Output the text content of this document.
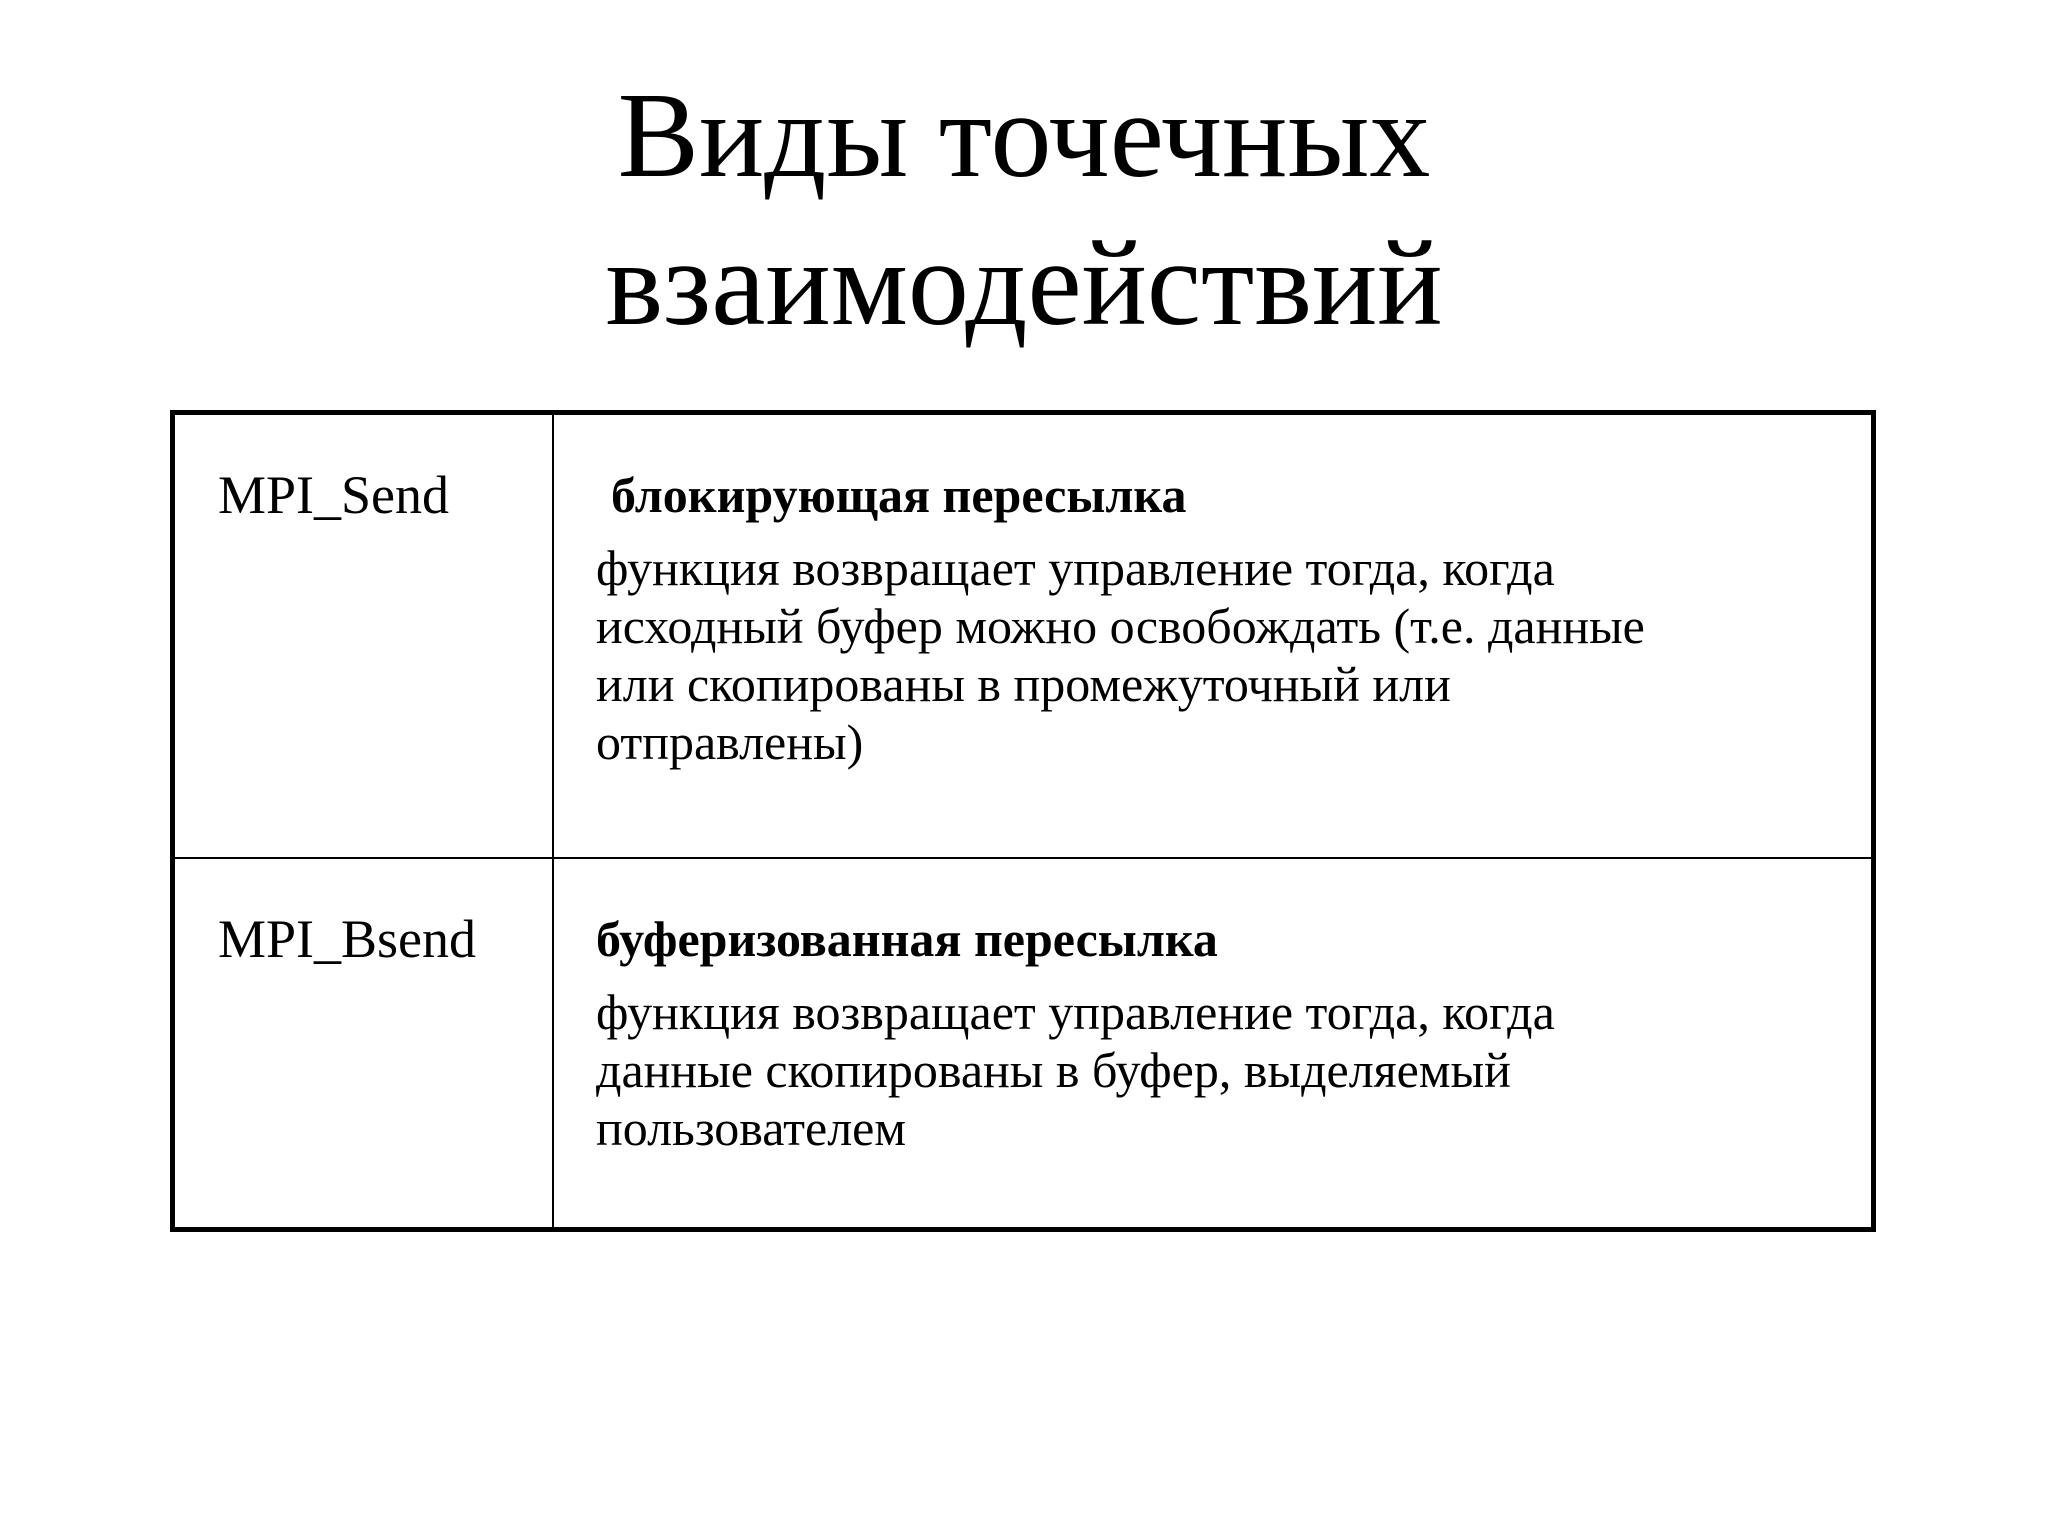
Виды точечных
взаимодействий
MPI_Send	блокирующая пересылка

функция возвращает управление тогда, когда
исходный буфер можно освобождать (т.е. данные
или скопированы в промежуточный или
отправлены)

MPI_Bsend буферизованная пересылка

функция возвращает управление тогда, когда
данные скопированы в буфер, выделяемый
пользователем
